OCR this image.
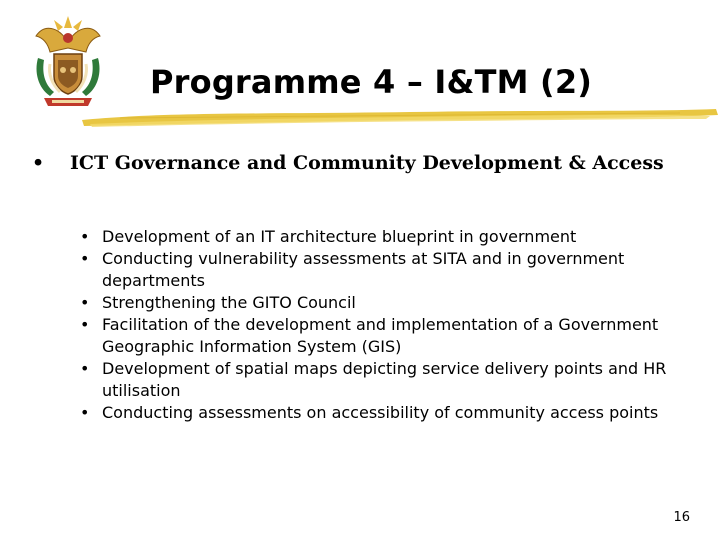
Programme 4 – I&TM (2)
• ICT Governance and Community Development & Access
• Development of an IT architecture blueprint in government
• Conducting vulnerability assessments at SITA and in government departments
• Strengthening the GITO Council
• Facilitation of the development and implementation of a Government Geographic Information System (GIS)
• Development of spatial maps depicting service delivery points and HR utilisation
• Conducting assessments on accessibility of community access points
16
